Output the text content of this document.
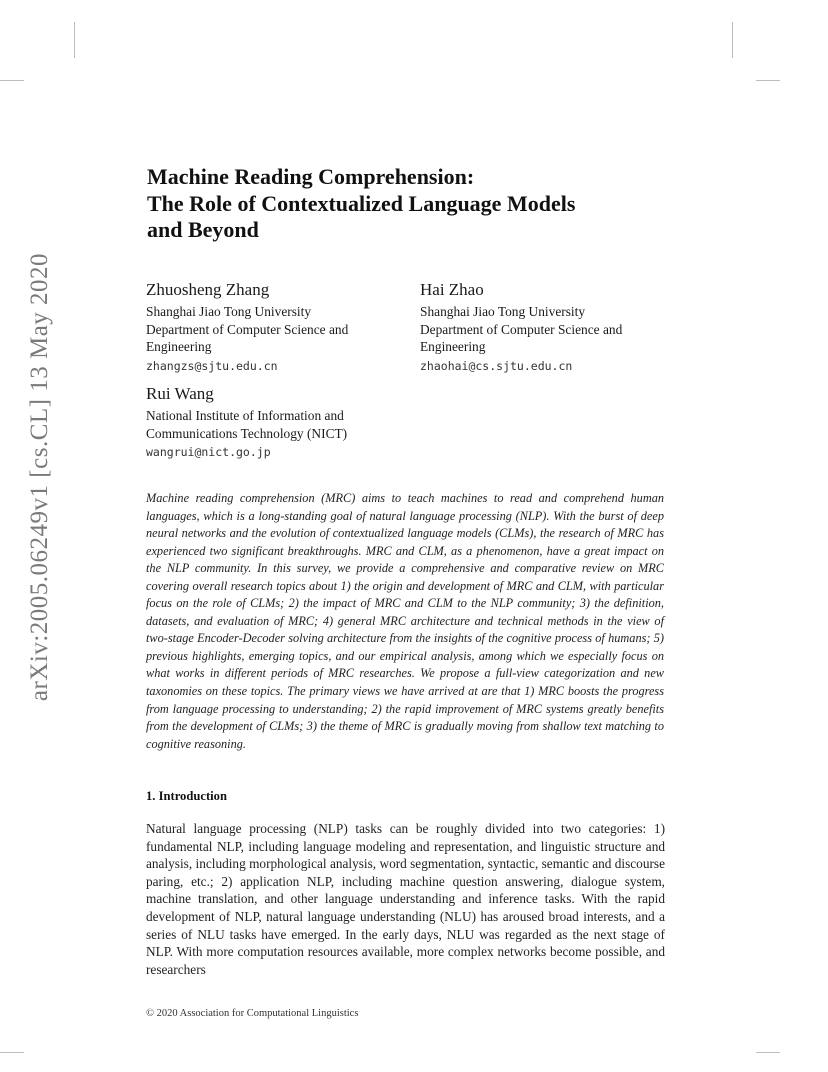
arXiv:2005.06249v1 [cs.CL] 13 May 2020
Machine Reading Comprehension:
The Role of Contextualized Language Models
and Beyond
Zhuosheng Zhang
Shanghai Jiao Tong University
Department of Computer Science and
Engineering
zhangzs@sjtu.edu.cn
Hai Zhao
Shanghai Jiao Tong University
Department of Computer Science and
Engineering
zhaohai@cs.sjtu.edu.cn
Rui Wang
National Institute of Information and
Communications Technology (NICT)
wangrui@nict.go.jp
Machine reading comprehension (MRC) aims to teach machines to read and comprehend human languages, which is a long-standing goal of natural language processing (NLP). With the burst of deep neural networks and the evolution of contextualized language models (CLMs), the research of MRC has experienced two significant breakthroughs. MRC and CLM, as a phenomenon, have a great impact on the NLP community. In this survey, we provide a comprehensive and comparative review on MRC covering overall research topics about 1) the origin and development of MRC and CLM, with particular focus on the role of CLMs; 2) the impact of MRC and CLM to the NLP community; 3) the definition, datasets, and evaluation of MRC; 4) general MRC architecture and technical methods in the view of two-stage Encoder-Decoder solving architecture from the insights of the cognitive process of humans; 5) previous highlights, emerging topics, and our empirical analysis, among which we especially focus on what works in different periods of MRC researches. We propose a full-view categorization and new taxonomies on these topics. The primary views we have arrived at are that 1) MRC boosts the progress from language processing to understanding; 2) the rapid improvement of MRC systems greatly benefits from the development of CLMs; 3) the theme of MRC is gradually moving from shallow text matching to cognitive reasoning.
1. Introduction
Natural language processing (NLP) tasks can be roughly divided into two categories: 1) fundamental NLP, including language modeling and representation, and linguistic structure and analysis, including morphological analysis, word segmentation, syntactic, semantic and discourse paring, etc.; 2) application NLP, including machine question answering, dialogue system, machine translation, and other language understanding and inference tasks. With the rapid development of NLP, natural language understanding (NLU) has aroused broad interests, and a series of NLU tasks have emerged. In the early days, NLU was regarded as the next stage of NLP. With more computation resources available, more complex networks become possible, and researchers
© 2020 Association for Computational Linguistics
